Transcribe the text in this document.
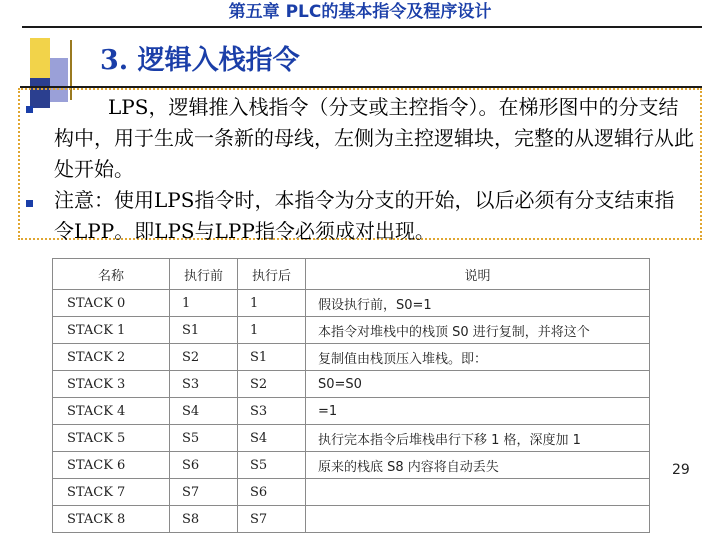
第五章 PLC的基本指令及程序设计
3. 逻辑入栈指令
LPS，逻辑推入栈指令（分支或主控指令）。在梯形图中的分支结构中，用于生成一条新的母线，左侧为主控逻辑块，完整的从逻辑行从此处开始。
注意：使用LPS指令时，本指令为分支的开始，以后必须有分支结束指令LPP。即LPS与LPP指令必须成对出现。
名称	执行前	执行后	说明
STACK 0	1	1	假设执行前，S0=1
STACK 1	S1	1	本指令对堆栈中的栈顶 S0 进行复制，并将这个
STACK 2	S2	S1	复制值由栈顶压入堆栈。即：
STACK 3	S3	S2	S0=S0
STACK 4	S4	S3	=1
STACK 5	S5	S4	执行完本指令后堆栈串行下移 1 格，深度加 1
STACK 6	S6	S5	原来的栈底 S8 内容将自动丢失
STACK 7	S7	S6	
STACK 8	S8	S7	
29
